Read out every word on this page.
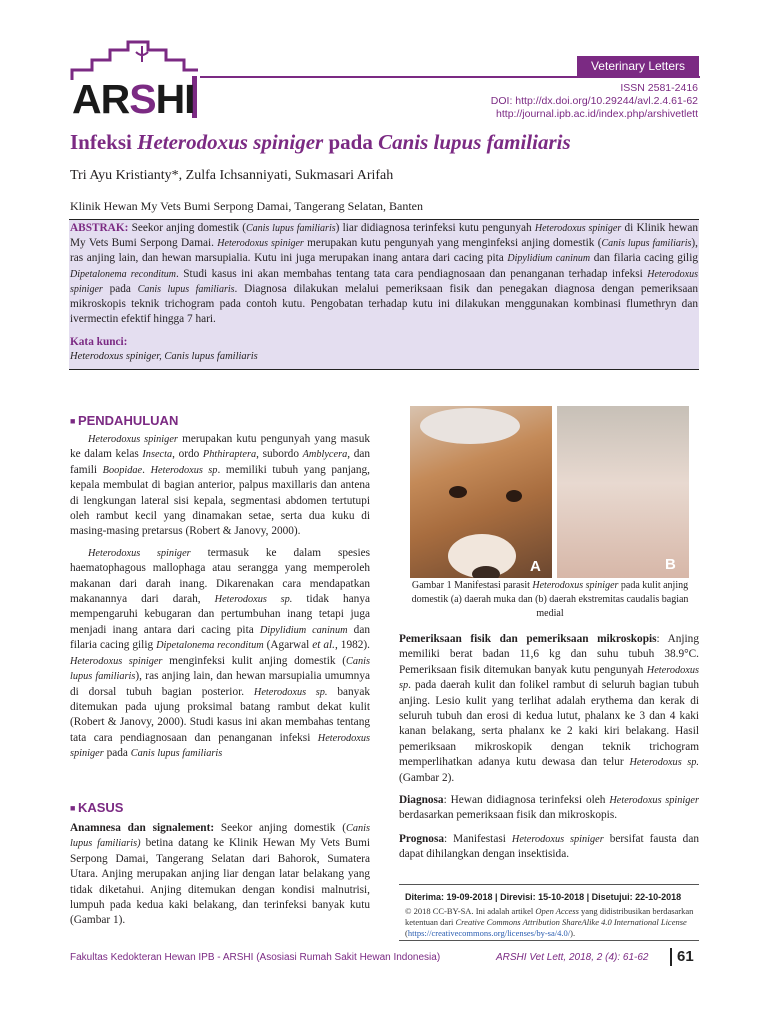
ARSHI
Veterinary Letters
ISSN 2581-2416
DOI: http://dx.doi.org/10.29244/avl.2.4.61-62
http://journal.ipb.ac.id/index.php/arshivetlett
Infeksi Heterodoxus spiniger pada Canis lupus familiaris
Tri Ayu Kristianty*, Zulfa Ichsanniyati, Sukmasari Arifah
Klinik Hewan My Vets Bumi Serpong Damai, Tangerang Selatan, Banten
ABSTRAK: Seekor anjing domestik (Canis lupus familiaris) liar didiagnosa terinfeksi kutu pengunyah Heterodoxus spiniger di Klinik hewan My Vets Bumi Serpong Damai. Heterodoxus spiniger merupakan kutu pengunyah yang menginfeksi anjing domestik (Canis lupus familiaris), ras anjing lain, dan hewan marsupialia. Kutu ini juga merupakan inang antara dari cacing pita Dipylidium caninum dan filaria cacing gilig Dipetalonema reconditum. Studi kasus ini akan membahas tentang tata cara pendiagnosaan dan penanganan terhadap infeksi Heterodoxus spiniger pada Canis lupus familiaris. Diagnosa dilakukan melalui pemeriksaan fisik dan penegakan diagnosa dengan pemeriksaan mikroskopis teknik trichogram pada contoh kutu. Pengobatan terhadap kutu ini dilakukan menggunakan kombinasi flumethryn dan ivermectin efektif hingga 7 hari.
Kata kunci:
Heterodoxus spiniger, Canis lupus familiaris
■ PENDAHULUAN

Heterodoxus spiniger merupakan kutu pengunyah yang masuk ke dalam kelas Insecta, ordo Phthiraptera, subordo Amblycera, dan famili Boopidae. Heterodoxus sp. memiliki tubuh yang panjang, kepala membulat di bagian anterior, palpus maxillaris dan antena di lengkungan lateral sisi kepala, segmentasi abdomen tertutupi oleh rambut kecil yang dinamakan setae, serta dua kuku di masing-masing pretarsus (Robert & Janovy, 2000).

Heterodoxus spiniger termasuk ke dalam spesies haematophagous mallophaga atau serangga yang memperoleh makanan dari darah inang. Dikarenakan cara mendapatkan makanannya dari darah, Heterodoxus sp. tidak hanya mempengaruhi kebugaran dan pertumbuhan inang tetapi juga menjadi inang antara dari cacing pita Dipylidium caninum dan filaria cacing gilig Dipetalonema reconditum (Agarwal et al., 1982). Heterodoxus spiniger menginfeksi kulit anjing domestik (Canis lupus familiaris), ras anjing lain, dan hewan marsupialia umumnya di dorsal tubuh bagian posterior. Heterodoxus sp. banyak ditemukan pada ujung proksimal batang rambut dekat kulit (Robert & Janovy, 2000). Studi kasus ini akan membahas tentang tata cara pendiagnosaan dan penanganan infeksi Heterodoxus spiniger pada Canis lupus familiaris

■ KASUS

Anamnesa dan signalement: Seekor anjing domestik (Canis lupus familiaris) betina datang ke Klinik Hewan My Vets Bumi Serpong Damai, Tangerang Selatan dari Bahorok, Sumatera Utara. Anjing merupakan anjing liar dengan latar belakang yang tidak diketahui. Anjing ditemukan dengan kondisi malnutrisi, lumpuh pada kedua kaki belakang, dan terinfeksi banyak kutu (Gambar 1).

A	B
Gambar 1 Manifestasi parasit Heterodoxus spiniger pada kulit anjing domestik (a) daerah muka dan (b) daerah ekstremitas caudalis bagian medial

Pemeriksaan fisik dan pemeriksaan mikroskopis: Anjing memiliki berat badan 11,6 kg dan suhu tubuh 38.9°C. Pemeriksaan fisik ditemukan banyak kutu pengunyah Heterodoxus sp. pada daerah kulit dan folikel rambut di seluruh bagian tubuh anjing. Lesio kulit yang terlihat adalah erythema dan kerak di seluruh tubuh dan erosi di kedua lutut, phalanx ke 3 dan 4 kaki kanan belakang, serta phalanx ke 2 kaki kiri belakang. Hasil pemeriksaan mikroskopik dengan teknik trichogram memperlihatkan adanya kutu dewasa dan telur Heterodoxus sp. (Gambar 2).

Diagnosa: Hewan didiagnosa terinfeksi oleh Heterodoxus spiniger berdasarkan pemeriksaan fisik dan mikroskopis.

Prognosa: Manifestasi Heterodoxus spiniger bersifat fausta dan dapat dihilangkan dengan insektisida.

Diterima: 19-09-2018 | Direvisi: 15-10-2018 | Disetujui: 22-10-2018
© 2018 CC-BY-SA. Ini adalah artikel Open Access yang didistribusikan berdasarkan ketentuan dari Creative Commons Attribution ShareAlike 4.0 International License (https://creativecommons.org/licenses/by-sa/4.0/).
Fakultas Kedokteran Hewan IPB - ARSHI (Asosiasi Rumah Sakit Hewan Indonesia)	ARSHI Vet Lett, 2018, 2 (4): 61-62 61
